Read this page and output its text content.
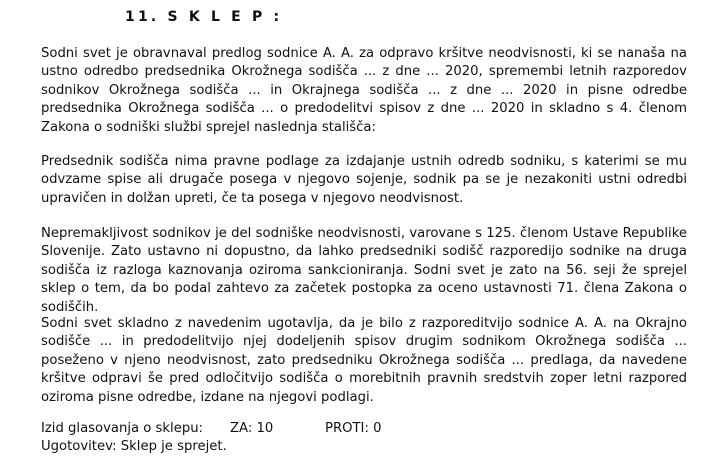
11. S K L E P :

Sodni svet je obravnaval predlog sodnice A. A. za odpravo kršitve neodvisnosti, ki se nanaša na ustno odredbo predsednika Okrožnega sodišča ... z dne ... 2020, spremembi letnih razporedov sodnikov Okrožnega sodišča ... in Okrajnega sodišča ... z dne ... 2020 in pisne odredbe predsednika Okrožnega sodišča ... o predodelitvi spisov z dne ... 2020 in skladno s 4. členom Zakona o sodniški službi sprejel naslednja stališča:

Predsednik sodišča nima pravne podlage za izdajanje ustnih odredb sodniku, s katerimi se mu odvzame spise ali drugače posega v njegovo sojenje, sodnik pa se je nezakoniti ustni odredbi upravičen in dolžan upreti, če ta posega v njegovo neodvisnost.

Nepremakljivost sodnikov je del sodniške neodvisnosti, varovane s 125. členom Ustave Republike Slovenije. Zato ustavno ni dopustno, da lahko predsedniki sodišč razporedijo sodnike na druga sodišča iz razloga kaznovanja oziroma sankcioniranja. Sodni svet je zato na 56. seji že sprejel sklep o tem, da bo podal zahtevo za začetek postopka za oceno ustavnosti 71. člena Zakona o sodiščih.

Sodni svet skladno z navedenim ugotavlja, da je bilo z razporeditvijo sodnice A. A. na Okrajno sodišče ... in predodelitvijo njej dodeljenih spisov drugim sodnikom Okrožnega sodišča ... poseženo v njeno neodvisnost, zato predsedniku Okrožnega sodišča ... predlaga, da navedene kršitve odpravi še pred odločitvijo sodišča o morebitnih pravnih sredstvih zoper letni razpored oziroma pisne odredbe, izdane na njegovi podlagi.

Izid glasovanja o sklepu: ZA: 10	PROTI: 0

Ugotovitev: Sklep je sprejet.
